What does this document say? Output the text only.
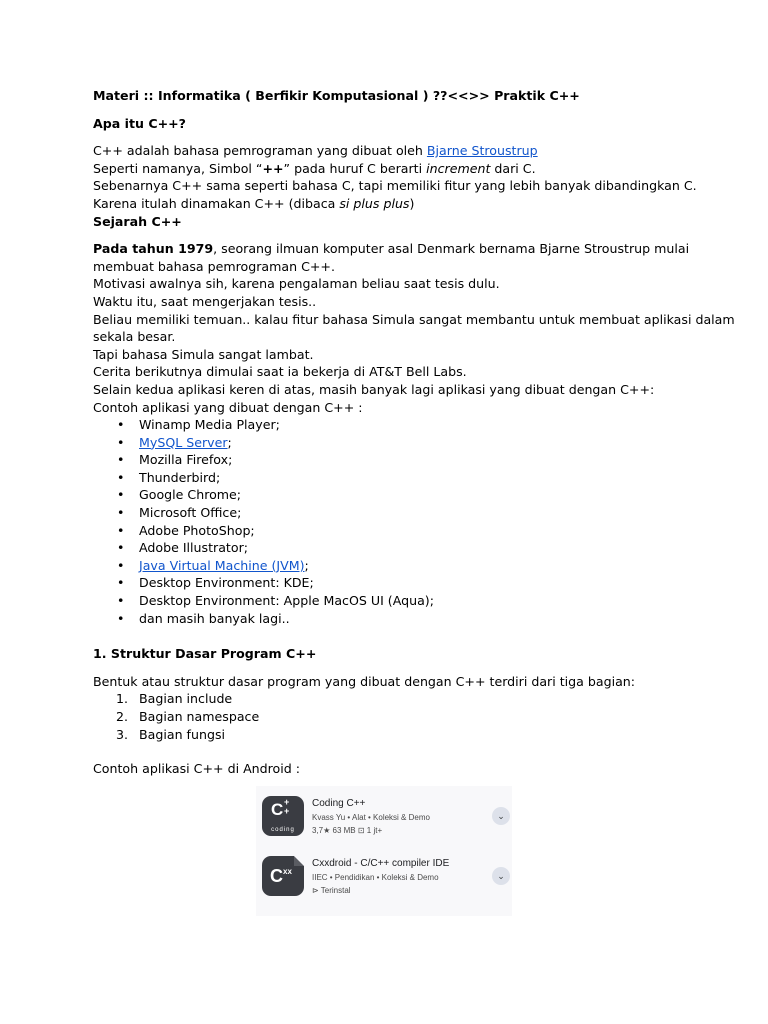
Materi :: Informatika ( Berfikir Komputasional ) ??<<>> Praktik C++
Apa itu C++?
C++ adalah bahasa pemrograman yang dibuat oleh Bjarne Stroustrup
Seperti namanya, Simbol “++” pada huruf C berarti increment dari C.
Sebenarnya C++ sama seperti bahasa C, tapi memiliki fitur yang lebih banyak dibandingkan C.
Karena itulah dinamakan C++ (dibaca si plus plus)
Sejarah C++
Pada tahun 1979, seorang ilmuan komputer asal Denmark bernama Bjarne Stroustrup mulai
membuat bahasa pemrograman C++.
Motivasi awalnya sih, karena pengalaman beliau saat tesis dulu.
Waktu itu, saat mengerjakan tesis..
Beliau memiliki temuan.. kalau fitur bahasa Simula sangat membantu untuk membuat aplikasi dalam
sekala besar.
Tapi bahasa Simula sangat lambat.
Cerita berikutnya dimulai saat ia bekerja di AT&T Bell Labs.
Selain kedua aplikasi keren di atas, masih banyak lagi aplikasi yang dibuat dengan C++:
Contoh aplikasi yang dibuat dengan C++ :
• Winamp Media Player;
• MySQL Server;
• Mozilla Firefox;
• Thunderbird;
• Google Chrome;
• Microsoft Office;
• Adobe PhotoShop;
• Adobe Illustrator;
• Java Virtual Machine (JVM);
• Desktop Environment: KDE;
• Desktop Environment: Apple MacOS UI (Aqua);
• dan masih banyak lagi..
1. Struktur Dasar Program C++
Bentuk atau struktur dasar program yang dibuat dengan C++ terdiri dari tiga bagian:
1. Bagian include
2. Bagian namespace
3. Bagian fungsi
Contoh aplikasi C++ di Android :
C +
+
coding
Coding C++
Kvass Yu • Alat • Koleksi & Demo
3,7★ 63 MB ⊡ 1 jt+
⌄
C xx
Cxxdroid - C/C++ compiler IDE
IIEC • Pendidikan • Koleksi & Demo
⊳ Terinstal
⌄
